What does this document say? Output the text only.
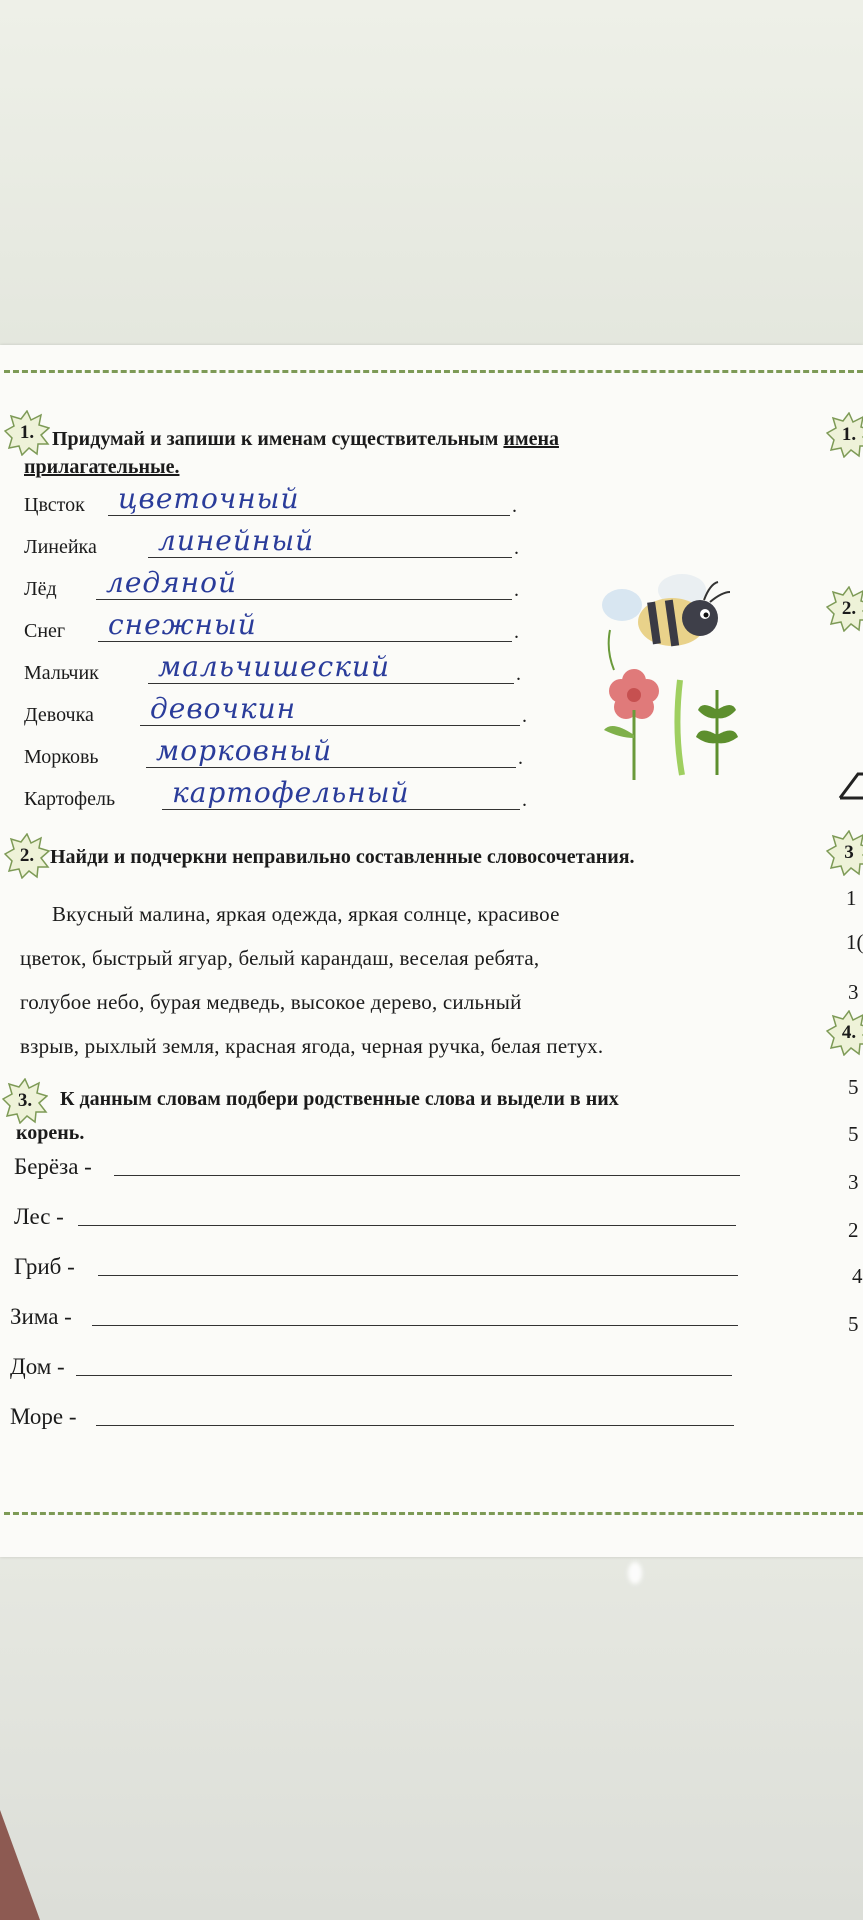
1. Придумай и запиши к именам существительным имена
прилагательные.
Цвсток цветочный	.
Линейка линейный	.
Лёд ледяной	.
Снег снежный	.
Мальчик мальчишеский	.
Девочка девочкин	.
Морковь морковный	.
Картофель картофельный	.
2. Найди и подчеркни неправильно составленные словосочетания.
Вкусный малина, яркая одежда, яркая солнце, красивое
цветок, быстрый ягуар, белый карандаш, веселая ребята,
голубое небо, бурая медведь, высокое дерево, сильный
взрыв, рыхлый земля, красная ягода, черная ручка, белая петух.
3.	К данным словам подбери родственные слова и выдели в них
корень.
Берёза -
Лес -
Гриб -
Зима -
Дом -
Море -
1.
2.
3
4.
1
1(
3
5
5
3
2
4
5
